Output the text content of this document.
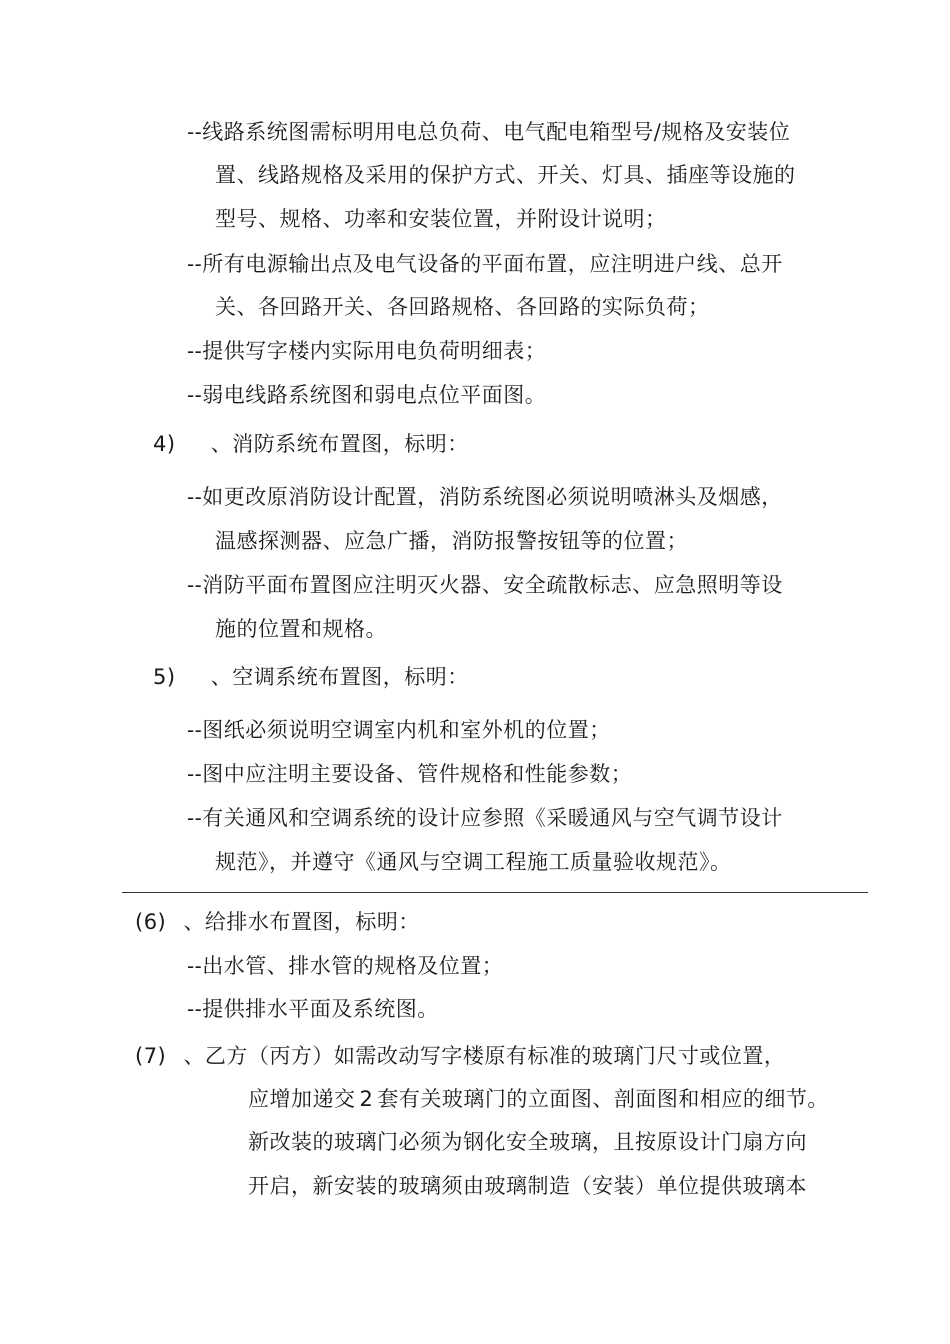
--线路系统图需标明用电总负荷、电气配电箱型号/规格及安装位
置、线路规格及采用的保护方式、开关、灯具、插座等设施的
型号、规格、功率和安装位置，并附设计说明；
--所有电源输出点及电气设备的平面布置，应注明进户线、总开
关、各回路开关、各回路规格、各回路的实际负荷；
--提供写字楼内实际用电负荷明细表；
--弱电线路系统图和弱电点位平面图。
4) 、消防系统布置图，标明：
--如更改原消防设计配置，消防系统图必须说明喷淋头及烟感，
温感探测器、应急广播，消防报警按钮等的位置；
--消防平面布置图应注明灭火器、安全疏散标志、应急照明等设
施的位置和规格。
5) 、空调系统布置图，标明：
--图纸必须说明空调室内机和室外机的位置；
--图中应注明主要设备、管件规格和性能参数；
--有关通风和空调系统的设计应参照《采暖通风与空气调节设计
规范》，并遵守《通风与空调工程施工质量验收规范》。
(6) 、给排水布置图，标明：
--出水管、排水管的规格及位置；
--提供排水平面及系统图。
(7) 、乙方（丙方）如需改动写字楼原有标准的玻璃门尺寸或位置，
应增加递交 2 套有关玻璃门的立面图、剖面图和相应的细节。
新改装的玻璃门必须为钢化安全玻璃，且按原设计门扇方向
开启，新安装的玻璃须由玻璃制造（安装）单位提供玻璃本
